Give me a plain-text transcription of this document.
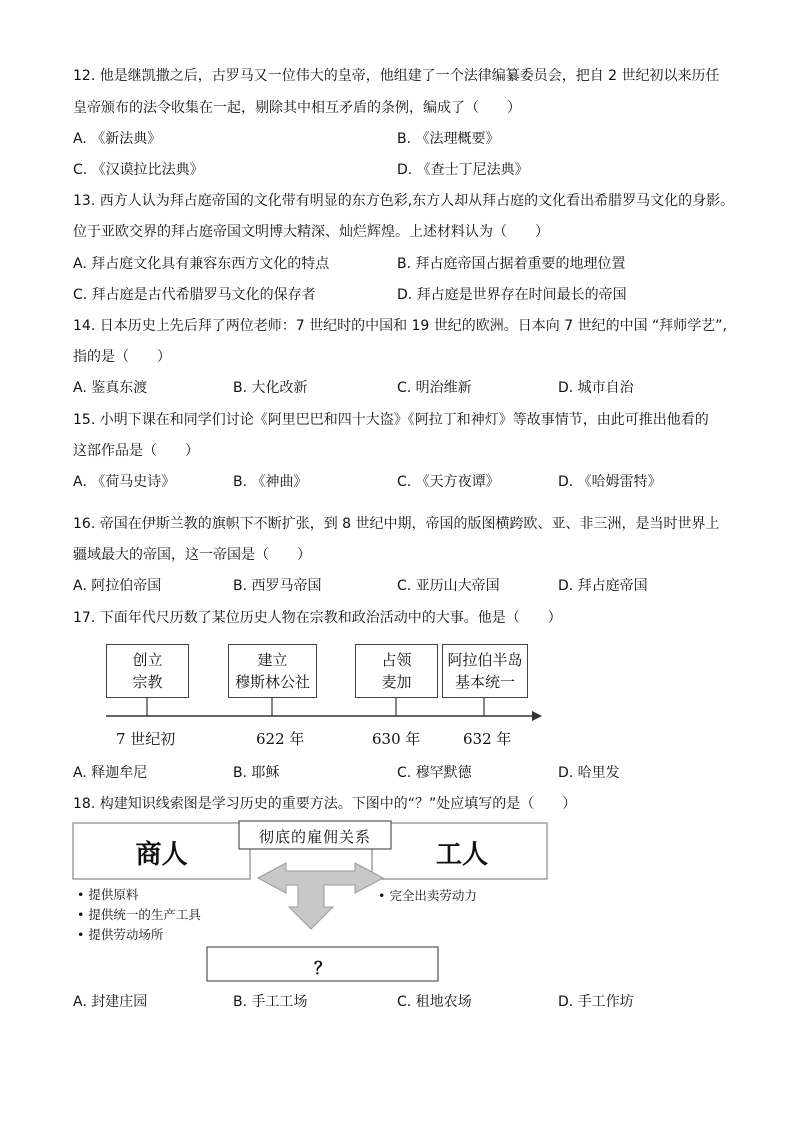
12. 他是继凯撒之后，古罗马又一位伟大的皇帝，他组建了一个法律编纂委员会，把自 2 世纪初以来历任
皇帝颁布的法令收集在一起，剔除其中相互矛盾的条例，编成了（　　）
A. 《新法典》	B. 《法理概要》
C. 《汉谟拉比法典》	D. 《查士丁尼法典》
13. 西方人认为拜占庭帝国的文化带有明显的东方色彩,东方人却从拜占庭的文化看出希腊罗马文化的身影。
位于亚欧交界的拜占庭帝国文明博大精深、灿烂辉煌。上述材料认为（　　）
A. 拜占庭文化具有兼容东西方文化的特点	B. 拜占庭帝国占据着重要的地理位置
C. 拜占庭是古代希腊罗马文化的保存者	D. 拜占庭是世界存在时间最长的帝国
14. 日本历史上先后拜了两位老师：7 世纪时的中国和 19 世纪的欧洲。日本向 7 世纪的中国 “拜师学艺”,
指的是（　　）
A. 鉴真东渡	B. 大化改新	C. 明治维新	D. 城市自治
15. 小明下课在和同学们讨论《阿里巴巴和四十大盗》《阿拉丁和神灯》等故事情节，由此可推出他看的
这部作品是（　　）
A. 《荷马史诗》	B. 《神曲》	C. 《天方夜谭》	D. 《哈姆雷特》
16. 帝国在伊斯兰教的旗帜下不断扩张，到 8 世纪中期，帝国的版图横跨欧、亚、非三洲，是当时世界上
疆域最大的帝国，这一帝国是（　　）
A. 阿拉伯帝国	B. 西罗马帝国	C. 亚历山大帝国	D. 拜占庭帝国
17. 下面年代尺历数了某位历史人物在宗教和政治活动中的大事。他是（　　）
创立
宗教
建立
穆斯林公社
占领
麦加
阿拉伯半岛
基本统一
7 世纪初	622 年	630 年	632 年
A. 释迦牟尼	B. 耶稣	C. 穆罕默德	D. 哈里发
18. 构建知识线索图是学习历史的重要方法。下图中的“？”处应填写的是（　　）
商人	工人
彻底的雇佣关系
• 提供原料
• 提供统一的生产工具
• 提供劳动场所
• 完全出卖劳动力
？
A. 封建庄园	B. 手工工场	C. 租地农场	D. 手工作坊
